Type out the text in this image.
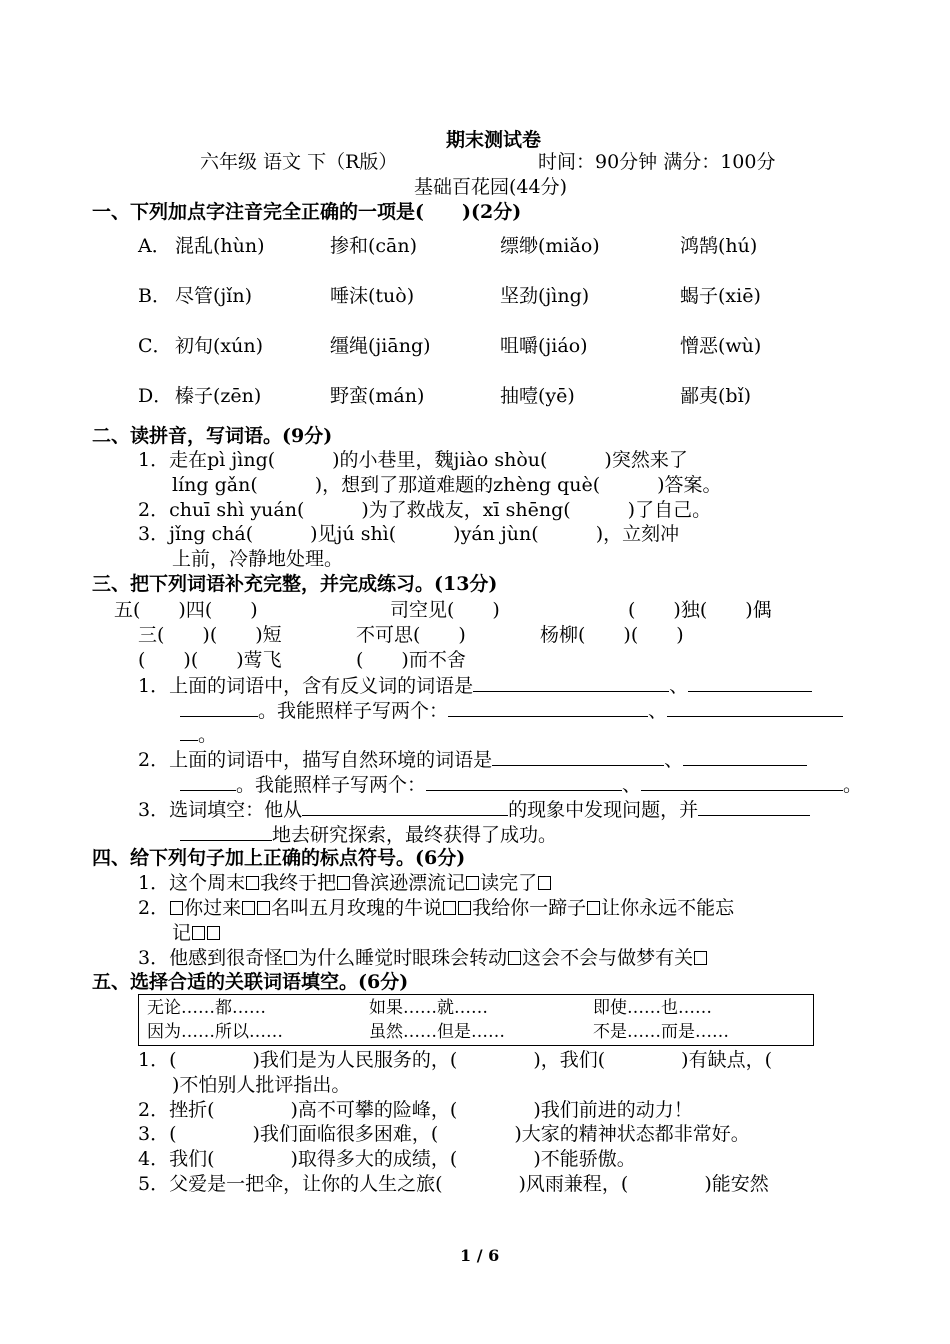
期末测试卷
六年级 语文 下（R版）	时间：90分钟 满分：100分
基础百花园(44分)
一、下列加点字注音完全正确的一项是(　　)(2分)
A． 混乱(hùn)	掺和(cān)	缥缈(miǎo)	鸿鹄(hú)
B． 尽管(jǐn)	唾沫(tuò)	坚劲(jìng)	蝎子(xiē)
C． 初旬(xún)	缰绳(jiāng)	咀嚼(jiáo)	憎恶(wù)
D． 榛子(zēn)	野蛮(mán)	抽噎(yē)	鄙夷(bǐ)
二、读拼音，写词语。(9分)
1．走在pì jìng(　　　)的小巷里，魏jiào shòu(　　　)突然来了
líng gǎn(　　　)，想到了那道难题的zhèng què(　　　)答案。
2．chuī shì yuán(　　　)为了救战友，xī shēng(　　　)了自己。
3．jǐng chá(　　　)见jú shì(　　　)yán jùn(　　　)，立刻冲
上前，冷静地处理。
三、把下列词语补充完整，并完成练习。(13分)
五(　　)四(　　)	司空见(　　)	(　　)独(　　)偶
三(　　)(　　)短	不可思(　　)	杨柳(　　)(　　)
(　　)(　　)莺飞	(　　)而不舍
1．上面的词语中，含有反义词的词语是	、
。我能照样子写两个：	、
。
2．上面的词语中，描写自然环境的词语是	、
。我能照样子写两个：	、	。
3．选词填空：他从	的现象中发现问题，并
地去研究探索，最终获得了成功。
四、给下列句子加上正确的标点符号。(6分)
1．这个周末 我终于把 鲁滨逊漂流记 读完了
2． 你过来 名叫五月玫瑰的牛说 我给你一蹄子 让你永远不能忘
记
3．他感到很奇怪 为什么睡觉时眼珠会转动 这会不会与做梦有关
五、选择合适的关联词语填空。(6分)
无论……都……	如果……就……	即使……也……
因为……所以……	虽然……但是……	不是……而是……
1．(　　　　)我们是为人民服务的，(　　　　)，我们(　　　　)有缺点，(
)不怕别人批评指出。
2．挫折(　　　　)高不可攀的险峰，(　　　　)我们前进的动力！
3．(　　　　)我们面临很多困难，(　　　　)大家的精神状态都非常好。
4．我们(　　　　)取得多大的成绩，(　　　　)不能骄傲。
5．父爱是一把伞，让你的人生之旅(　　　　)风雨兼程，(　　　　)能安然
1 / 6
